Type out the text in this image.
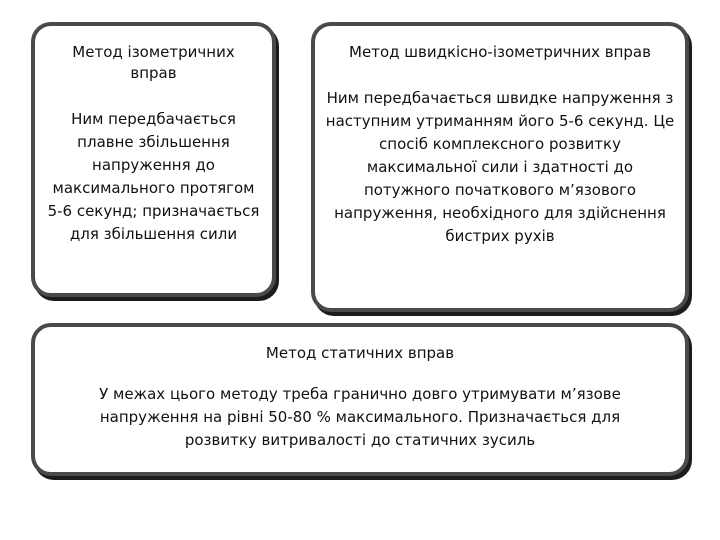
Метод ізометричних вправ
Ним передбачається плавне збільшення напруження до максимального протягом 5-6 секунд; призначається для збільшення сили
Метод швидкісно-ізометричних вправ
Ним передбачається швидке напруження з наступним утриманням його 5-6 секунд. Це спосіб комплексного розвитку максимальної сили і здатності до потужного початкового м’язового напруження, необхідного для здійснення бистрих рухів
Метод статичних вправ
У межах цього методу треба гранично довго утримувати м’язове напруження на рівні 50-80 % максимального. Призначається для розвитку витривалості до статичних зусиль
